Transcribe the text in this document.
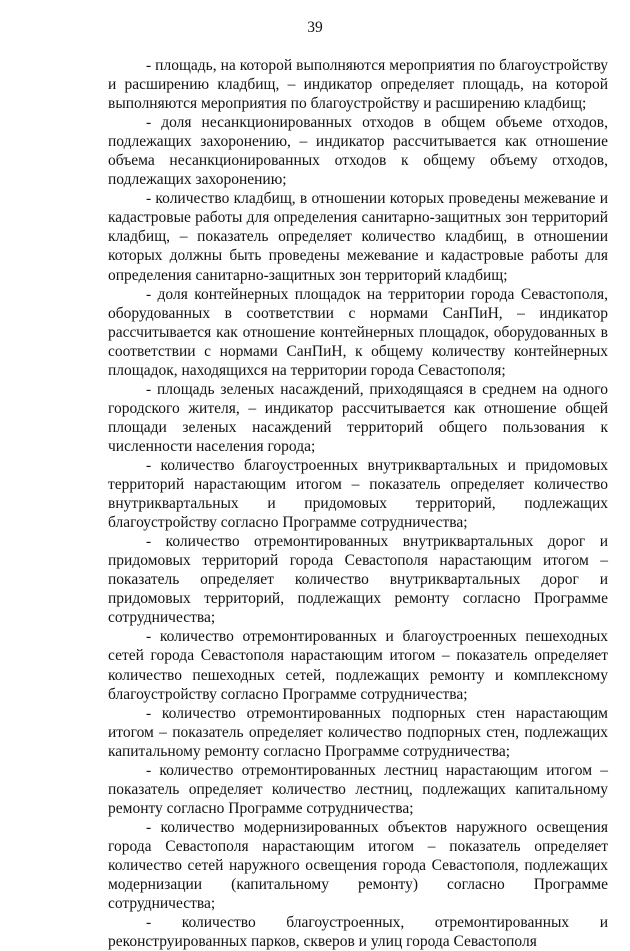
39

- площадь, на которой выполняются мероприятия по благоустройству и расширению кладбищ, – индикатор определяет площадь, на которой выполняются мероприятия по благоустройству и расширению кладбищ;

- доля несанкционированных отходов в общем объеме отходов, подлежащих захоронению, – индикатор рассчитывается как отношение объема несанкционированных отходов к общему объему отходов, подлежащих захоронению;

- количество кладбищ, в отношении которых проведены межевание и кадастровые работы для определения санитарно-защитных зон территорий кладбищ, – показатель определяет количество кладбищ, в отношении которых должны быть проведены межевание и кадастровые работы для определения санитарно-защитных зон территорий кладбищ;

- доля контейнерных площадок на территории города Севастополя, оборудованных в соответствии с нормами СанПиН, – индикатор рассчитывается как отношение контейнерных площадок, оборудованных в соответствии с нормами СанПиН, к общему количеству контейнерных площадок, находящихся на территории города Севастополя;

- площадь зеленых насаждений, приходящаяся в среднем на одного городского жителя, – индикатор рассчитывается как отношение общей площади зеленых насаждений территорий общего пользования к численности населения города;

- количество благоустроенных внутриквартальных и придомовых территорий нарастающим итогом – показатель определяет количество внутриквартальных и придомовых территорий, подлежащих благоустройству согласно Программе сотрудничества;

- количество отремонтированных внутриквартальных дорог и придомовых территорий города Севастополя нарастающим итогом – показатель определяет количество внутриквартальных дорог и придомовых территорий, подлежащих ремонту согласно Программе сотрудничества;

- количество отремонтированных и благоустроенных пешеходных сетей города Севастополя нарастающим итогом – показатель определяет количество пешеходных сетей, подлежащих ремонту и комплексному благоустройству согласно Программе сотрудничества;

- количество отремонтированных подпорных стен нарастающим итогом – показатель определяет количество подпорных стен, подлежащих капитальному ремонту согласно Программе сотрудничества;

- количество отремонтированных лестниц нарастающим итогом – показатель определяет количество лестниц, подлежащих капитальному ремонту согласно Программе сотрудничества;

- количество модернизированных объектов наружного освещения города Севастополя нарастающим итогом – показатель определяет количество сетей наружного освещения города Севастополя, подлежащих модернизации (капитальному ремонту) согласно Программе сотрудничества;

- количество благоустроенных, отремонтированных и реконструированных парков, скверов и улиц города Севастополя
